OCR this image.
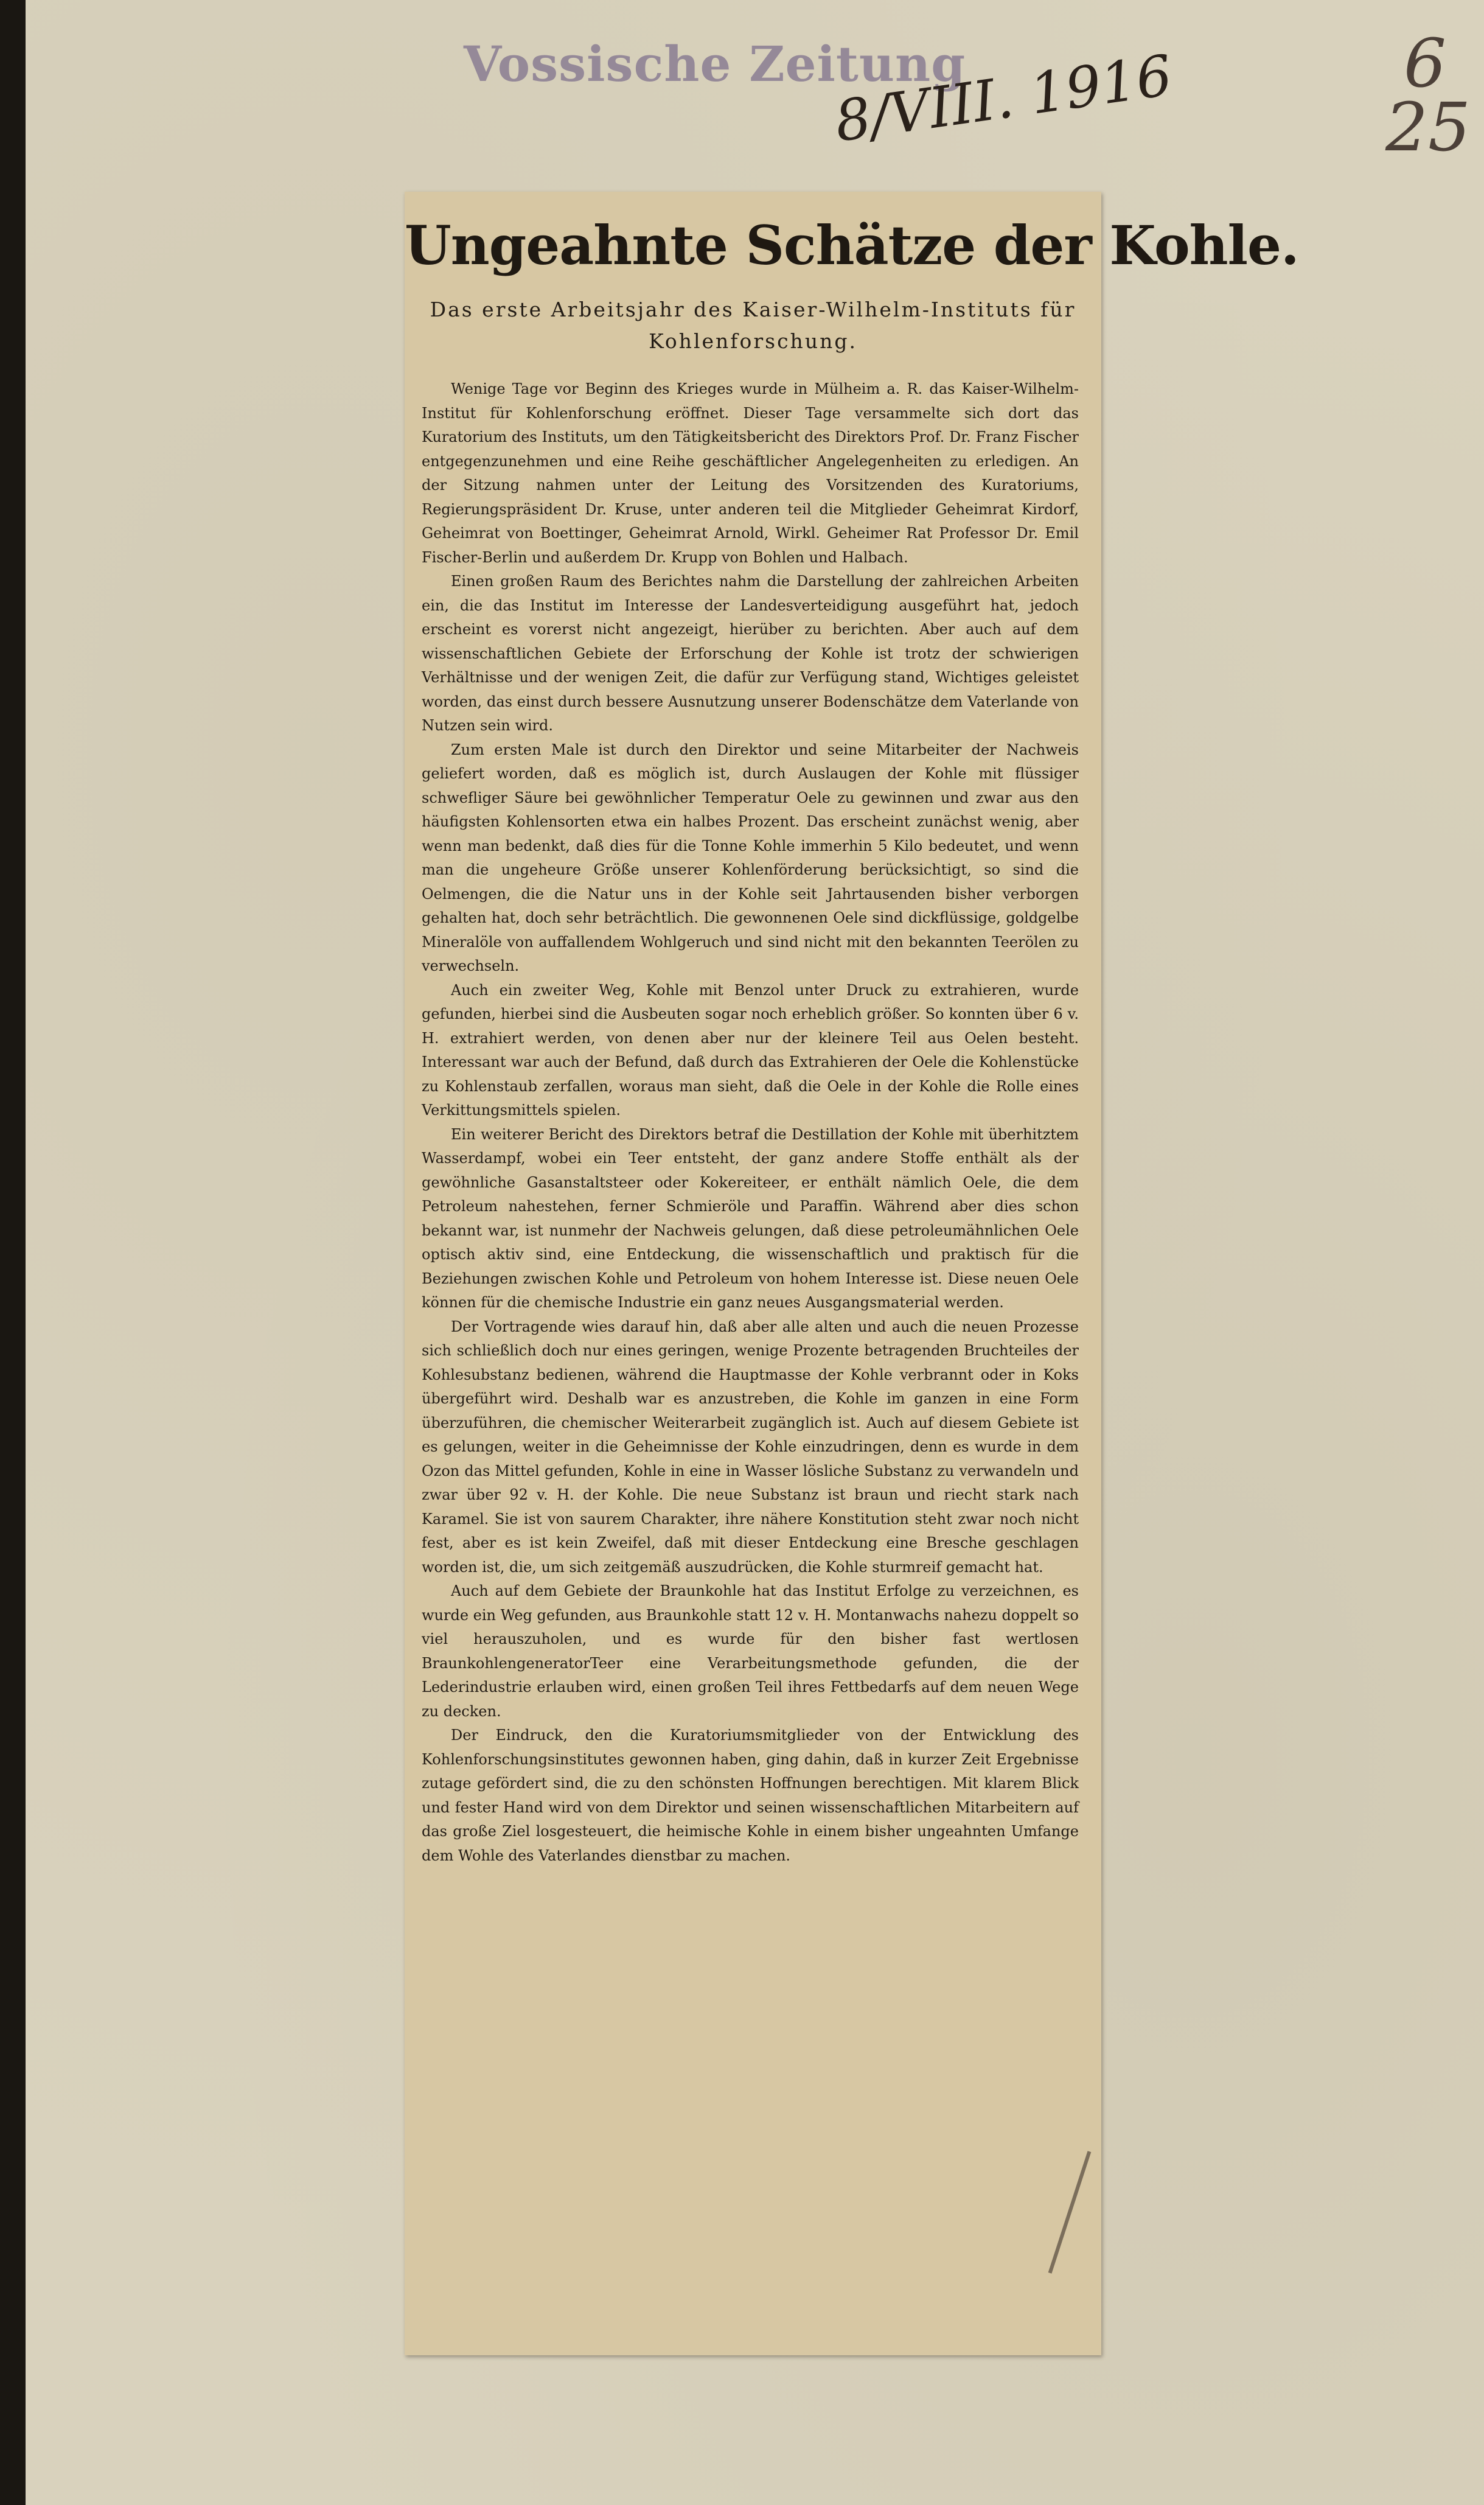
Vossische Zeitung
8/VIII. 1916	6
25
Ungeahnte Schätze der Kohle.
Das erste Arbeitsjahr des Kaiser-Wilhelm-Instituts für Kohlenforschung.

Wenige Tage vor Beginn des Krieges wurde in Mülheim a. R. das Kaiser-Wilhelm-Institut für Kohlenforschung eröffnet. Dieser Tage versammelte sich dort das Kuratorium des Instituts, um den Tätigkeitsbericht des Direktors Prof. Dr. Franz Fischer entgegenzunehmen und eine Reihe geschäftlicher Angelegenheiten zu erledigen. An der Sitzung nahmen unter der Leitung des Vorsitzenden des Kuratoriums, Regierungspräsident Dr. Kruse, unter anderen teil die Mitglieder Geheimrat Kirdorf, Geheimrat von Boettinger, Geheimrat Arnold, Wirkl. Geheimer Rat Professor Dr. Emil Fischer-Berlin und außerdem Dr. Krupp von Bohlen und Halbach.

Einen großen Raum des Berichtes nahm die Darstellung der zahlreichen Arbeiten ein, die das Institut im Interesse der Landesverteidigung ausgeführt hat, jedoch erscheint es vorerst nicht angezeigt, hierüber zu berichten. Aber auch auf dem wissenschaftlichen Gebiete der Erforschung der Kohle ist trotz der schwierigen Verhältnisse und der wenigen Zeit, die dafür zur Verfügung stand, Wichtiges geleistet worden, das einst durch bessere Ausnutzung unserer Bodenschätze dem Vaterlande von Nutzen sein wird.

Zum ersten Male ist durch den Direktor und seine Mitarbeiter der Nachweis geliefert worden, daß es möglich ist, durch Auslaugen der Kohle mit flüssiger schwefliger Säure bei gewöhnlicher Temperatur Oele zu gewinnen und zwar aus den häufigsten Kohlensorten etwa ein halbes Prozent. Das erscheint zunächst wenig, aber wenn man bedenkt, daß dies für die Tonne Kohle immerhin 5 Kilo bedeutet, und wenn man die ungeheure Größe unserer Kohlenförderung berücksichtigt, so sind die Oelmengen, die die Natur uns in der Kohle seit Jahrtausenden bisher verborgen gehalten hat, doch sehr beträchtlich. Die gewonnenen Oele sind dickflüssige, goldgelbe Mineralöle von auffallendem Wohlgeruch und sind nicht mit den bekannten Teerölen zu verwechseln.

Auch ein zweiter Weg, Kohle mit Benzol unter Druck zu extrahieren, wurde gefunden, hierbei sind die Ausbeuten sogar noch erheblich größer. So konnten über 6 v. H. extrahiert werden, von denen aber nur der kleinere Teil aus Oelen besteht. Interessant war auch der Befund, daß durch das Extrahieren der Oele die Kohlenstücke zu Kohlenstaub zerfallen, woraus man sieht, daß die Oele in der Kohle die Rolle eines Verkittungsmittels spielen.

Ein weiterer Bericht des Direktors betraf die Destillation der Kohle mit überhitztem Wasserdampf, wobei ein Teer entsteht, der ganz andere Stoffe enthält als der gewöhnliche Gasanstaltsteer oder Kokereiteer, er enthält nämlich Oele, die dem Petroleum nahestehen, ferner Schmieröle und Paraffin. Während aber dies schon bekannt war, ist nunmehr der Nachweis gelungen, daß diese petroleumähnlichen Oele optisch aktiv sind, eine Entdeckung, die wissenschaftlich und praktisch für die Beziehungen zwischen Kohle und Petroleum von hohem Interesse ist. Diese neuen Oele können für die chemische Industrie ein ganz neues Ausgangsmaterial werden.

Der Vortragende wies darauf hin, daß aber alle alten und auch die neuen Prozesse sich schließlich doch nur eines geringen, wenige Prozente betragenden Bruchteiles der Kohlesubstanz bedienen, während die Hauptmasse der Kohle verbrannt oder in Koks übergeführt wird. Deshalb war es anzustreben, die Kohle im ganzen in eine Form überzuführen, die chemischer Weiterarbeit zugänglich ist. Auch auf diesem Gebiete ist es gelungen, weiter in die Geheimnisse der Kohle einzudringen, denn es wurde in dem Ozon das Mittel gefunden, Kohle in eine in Wasser lösliche Substanz zu verwandeln und zwar über 92 v. H. der Kohle. Die neue Substanz ist braun und riecht stark nach Karamel. Sie ist von saurem Charakter, ihre nähere Konstitution steht zwar noch nicht fest, aber es ist kein Zweifel, daß mit dieser Entdeckung eine Bresche geschlagen worden ist, die, um sich zeitgemäß auszudrücken, die Kohle sturmreif gemacht hat.

Auch auf dem Gebiete der Braunkohle hat das Institut Erfolge zu verzeichnen, es wurde ein Weg gefunden, aus Braunkohle statt 12 v. H. Montanwachs nahezu doppelt so viel herauszuholen, und es wurde für den bisher fast wertlosen BraunkohlengeneratorTeer eine Verarbeitungsmethode gefunden, die der Lederindustrie erlauben wird, einen großen Teil ihres Fettbedarfs auf dem neuen Wege zu decken.

Der Eindruck, den die Kuratoriumsmitglieder von der Entwicklung des Kohlenforschungsinstitutes gewonnen haben, ging dahin, daß in kurzer Zeit Ergebnisse zutage gefördert sind, die zu den schönsten Hoffnungen berechtigen. Mit klarem Blick und fester Hand wird von dem Direktor und seinen wissenschaftlichen Mitarbeitern auf das große Ziel losgesteuert, die heimische Kohle in einem bisher ungeahnten Umfange dem Wohle des Vaterlandes dienstbar zu machen.
